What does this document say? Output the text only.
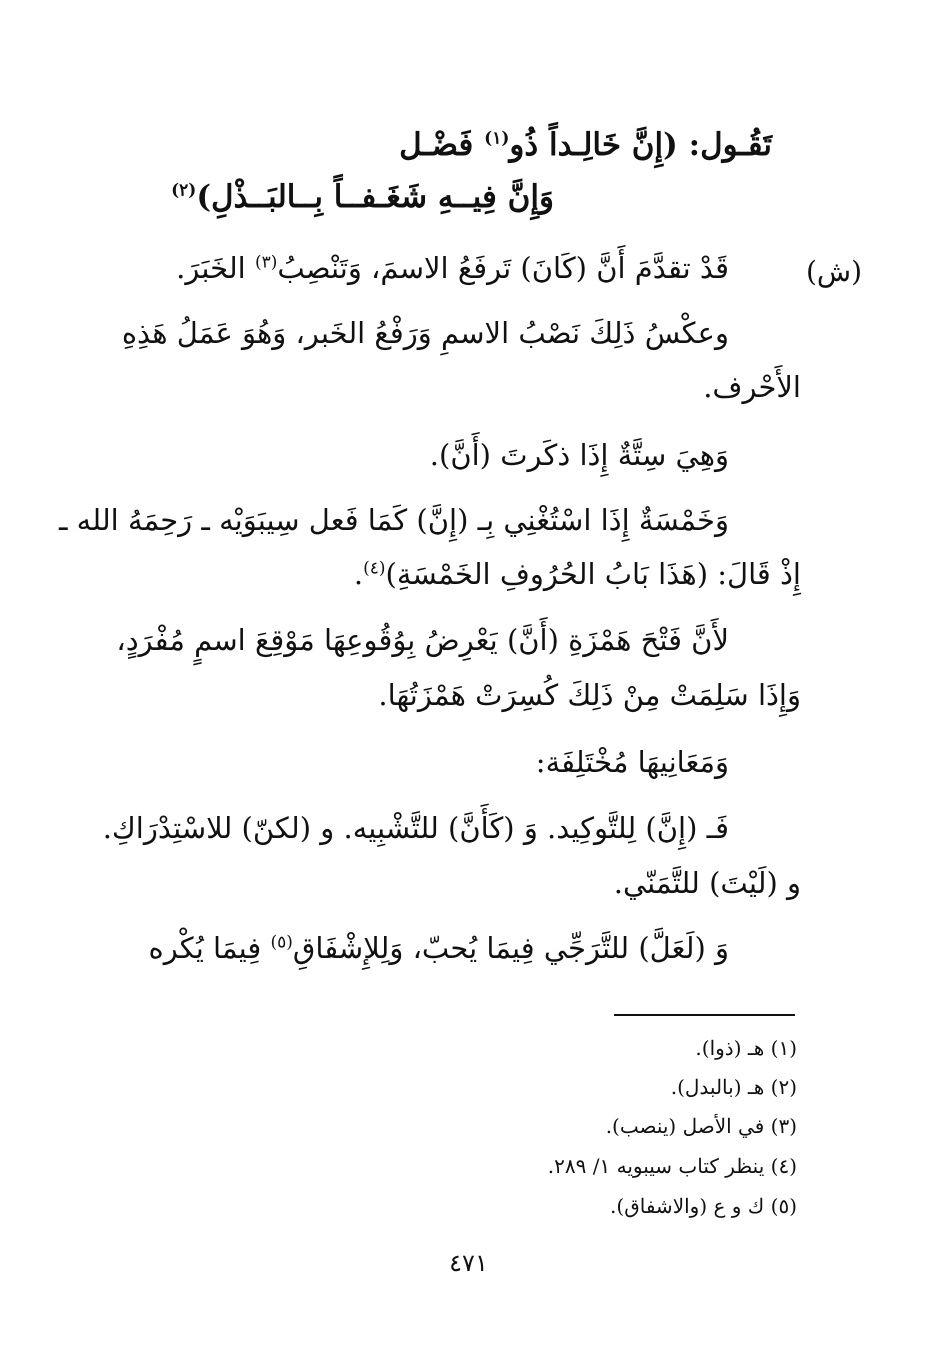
تَقُـول: (إِنَّ خَالِـداً ذُو$^{(١)}$ فَضْـل
وَإِنَّ فِيــهِ شَغَـفــاً بِــالبَــذْلِ)$^{(٢)}$
(ش)
قَدْ تقدَّمَ أَنَّ (كَانَ) تَرفَعُ الاسمَ، وَتَنْصِبُ$^{(٣)}$ الخَبَرَ.
وعكْسُ ذَلِكَ نَصْبُ الاسمِ وَرَفْعُ الخَبر، وَهُوَ عَمَلُ هَذِهِ
الأَحْرف.
وَهِيَ سِتَّةٌ إِذَا ذكَرتَ (أَنَّ).
وَخَمْسَةٌ إِذَا اسْتُغْنِي بِـ (إِنَّ) كَمَا فَعل سِيبَوَيْه ـ رَحِمَهُ الله ـ
إِذْ قَالَ: (هَذَا بَابُ الحُرُوفِ الخَمْسَةِ)$^{(٤)}$.
لأَنَّ فَتْحَ هَمْزَةِ (أَنَّ) يَعْرِضُ بِوُقُوعِهَا مَوْقِعَ اسمٍ مُفْرَدٍ،
وَإِذَا سَلِمَتْ مِنْ ذَلِكَ كُسِرَتْ هَمْزَتُهَا.
وَمَعَانِيهَا مُخْتَلِفَة:
فَـ (إِنَّ) لِلتَّوكِيد. وَ (كَأَنَّ) للتَّشْبِيه. و (لكنّ) للاسْتِدْرَاكِ.
و (لَيْتَ) للتَّمَنّي.
وَ (لَعَلَّ) للتَّرَجِّي فِيمَا يُحبّ، وَلِلإِشْفَاقِ$^{(٥)}$ فِيمَا يُكْره
(١) هـ (ذوا).
(٢) هـ (بالبدل).
(٣) في الأصل (ينصب).
(٤) ينظر كتاب سيبويه ١/ ٢٨٩.
(٥) ك و ع (والاشفاق).
٤٧١
